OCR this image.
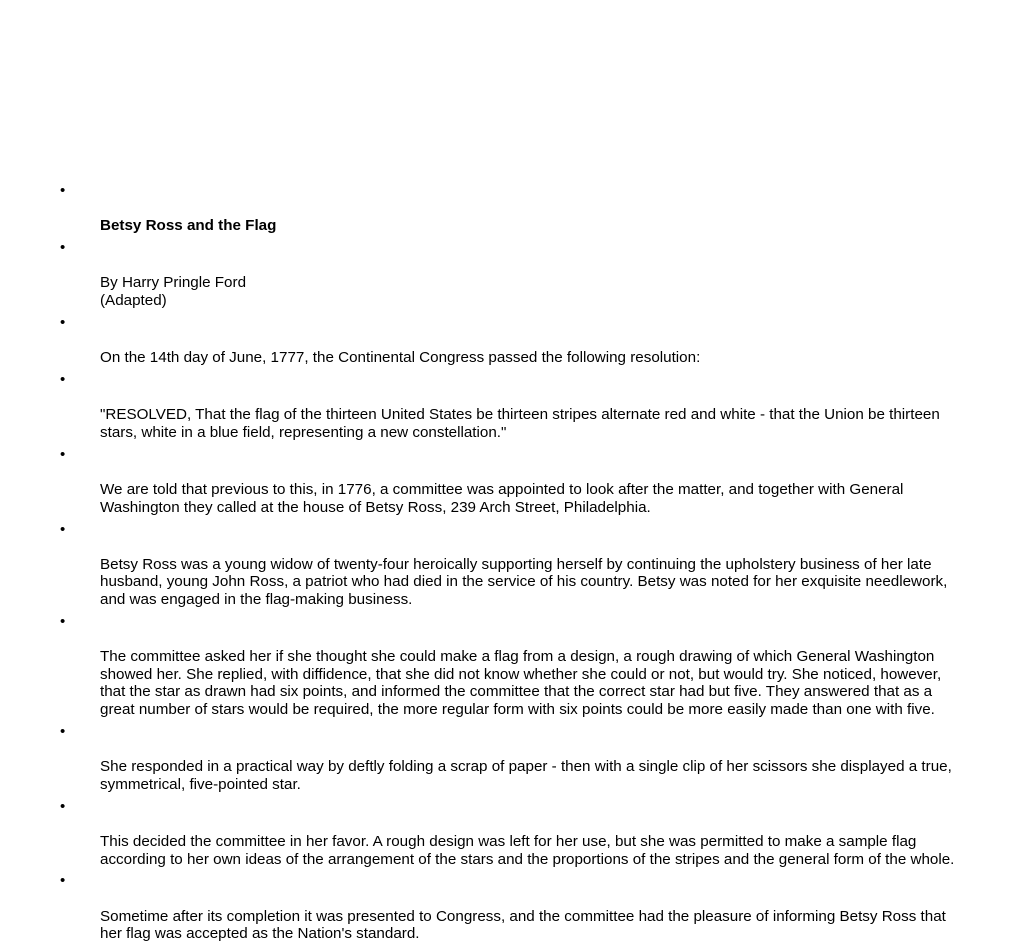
•

Betsy Ross and the Flag

•

By Harry Pringle Ford
(Adapted)

•

On the 14th day of June, 1777, the Continental Congress passed the following resolution:

•

"RESOLVED, That the flag of the thirteen United States be thirteen stripes alternate red and white - that the Union be thirteen stars, white in a blue field, representing a new constellation."

•

We are told that previous to this, in 1776, a committee was appointed to look after the matter, and together with General Washington they called at the house of Betsy Ross, 239 Arch Street, Philadelphia.

•

Betsy Ross was a young widow of twenty-four heroically supporting herself by continuing the upholstery business of her late husband, young John Ross, a patriot who had died in the service of his country. Betsy was noted for her exquisite needlework, and was engaged in the flag-making business.

•

The committee asked her if she thought she could make a flag from a design, a rough drawing of which General Washington showed her. She replied, with diffidence, that she did not know whether she could or not, but would try. She noticed, however, that the star as drawn had six points, and informed the committee that the correct star had but five. They answered that as a great number of stars would be required, the more regular form with six points could be more easily made than one with five.

•

She responded in a practical way by deftly folding a scrap of paper - then with a single clip of her scissors she displayed a true, symmetrical, five-pointed star.

•

This decided the committee in her favor. A rough design was left for her use, but she was permitted to make a sample flag according to her own ideas of the arrangement of the stars and the proportions of the stripes and the general form of the whole.

•

Sometime after its completion it was presented to Congress, and the committee had the pleasure of informing Betsy Ross that her flag was accepted as the Nation's standard.
